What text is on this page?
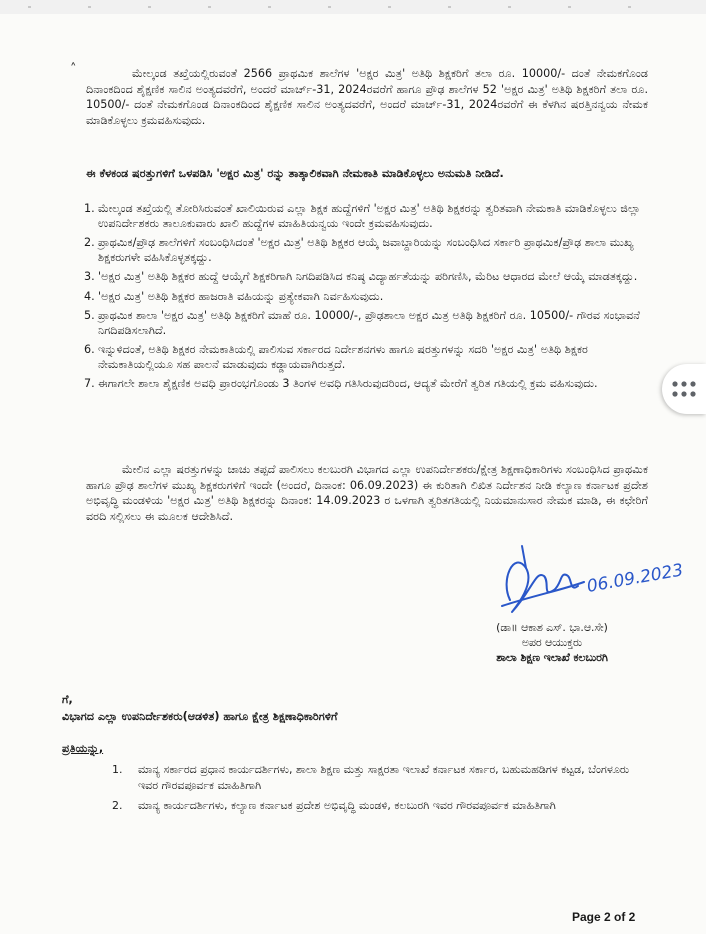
˄	ಮೇಲ್ಕಂಡ ತಖ್ತೆಯಲ್ಲಿರುವಂತೆ 2566 ಪ್ರಾಥಮಿಕ ಶಾಲೆಗಳ 'ಅಕ್ಷರ ಮಿತ್ರ' ಅತಿಥಿ ಶಿಕ್ಷಕರಿಗೆ ತಲಾ ರೂ. 10000/- ದಂತೆ ನೇಮಕಗೊಂಡ ದಿನಾಂಕದಿಂದ ಶೈಕ್ಷಣಿಕ ಸಾಲಿನ ಅಂತ್ಯದವರೆಗೆ, ಅಂದರೆ ಮಾರ್ಚ್-31, 2024ರವರೆಗೆ ಹಾಗೂ ಪ್ರೌಢ ಶಾಲೆಗಳ 52 'ಅಕ್ಷರ ಮಿತ್ರ' ಅತಿಥಿ ಶಿಕ್ಷಕರಿಗೆ ತಲಾ ರೂ. 10500/- ದಂತೆ ನೇಮಕಗೊಂಡ ದಿನಾಂಕದಿಂದ ಶೈಕ್ಷಣಿಕ ಸಾಲಿನ ಅಂತ್ಯದವರೆಗೆ, ಅಂದರೆ ಮಾರ್ಚ್-31, 2024ರವರೆಗೆ ಈ ಕೆಳಗಿನ ಷರತ್ತಿನನ್ವಯ ನೇಮಕ ಮಾಡಿಕೊಳ್ಳಲು ಕ್ರಮವಹಿಸುವುದು.

ಈ ಕೆಳಕಂಡ ಷರತ್ತುಗಳಿಗೆ ಒಳಪಡಿಸಿ 'ಅಕ್ಷರ ಮಿತ್ರ' ರನ್ನು ತಾತ್ಕಾಲಿಕವಾಗಿ ನೇಮಕಾತಿ ಮಾಡಿಕೊಳ್ಳಲು ಅನುಮತಿ ನೀಡಿದೆ.

1. ಮೇಲ್ಕಂಡ ತಖ್ತೆಯಲ್ಲಿ ತೋರಿಸಿರುವಂತೆ ಖಾಲಿಯಿರುವ ಎಲ್ಲಾ ಶಿಕ್ಷಕ ಹುದ್ದೆಗಳಿಗೆ 'ಅಕ್ಷರ ಮಿತ್ರ' ಅತಿಥಿ ಶಿಕ್ಷಕರನ್ನು ತ್ವರಿತವಾಗಿ ನೇಮಕಾತಿ ಮಾಡಿಕೊಳ್ಳಲು ಜಿಲ್ಲಾ ಉಪನಿರ್ದೇಶಕರು ತಾಲೂಕುವಾರು ಖಾಲಿ ಹುದ್ದೆಗಳ ಮಾಹಿತಿಯನ್ವಯ ಇಂದೇ ಕ್ರಮವಹಿಸುವುದು.
2. ಪ್ರಾಥಮಿಕ/ಪ್ರೌಢ ಶಾಲೆಗಳಿಗೆ ಸಂಬಂಧಿಸಿದಂತೆ 'ಅಕ್ಷರ ಮಿತ್ರ' ಅತಿಥಿ ಶಿಕ್ಷಕರ ಆಯ್ಕೆ ಜವಾಬ್ದಾರಿಯನ್ನು ಸಂಬಂಧಿಸಿದ ಸರ್ಕಾರಿ ಪ್ರಾಥಮಿಕ/ಪ್ರೌಢ ಶಾಲಾ ಮುಖ್ಯ ಶಿಕ್ಷಕರುಗಳೇ ವಹಿಸಿಕೊಳ್ಳತಕ್ಕದ್ದು.
3. 'ಅಕ್ಷರ ಮಿತ್ರ' ಅತಿಥಿ ಶಿಕ್ಷಕರ ಹುದ್ದೆ ಆಯ್ಕೆಗೆ ಶಿಕ್ಷಕರಿಗಾಗಿ ನಿಗದಿಪಡಿಸಿದ ಕನಿಷ್ಠ ವಿದ್ಯಾರ್ಹತೆಯನ್ನು ಪರಿಗಣಿಸಿ, ಮೆರಿಟ ಆಧಾರದ ಮೇಲೆ ಆಯ್ಕೆ ಮಾಡತಕ್ಕದ್ದು.
4. 'ಅಕ್ಷರ ಮಿತ್ರ' ಅತಿಥಿ ಶಿಕ್ಷಕರ ಹಾಜರಾತಿ ವಹಿಯನ್ನು ಪ್ರತ್ಯೇಕವಾಗಿ ನಿರ್ವಹಿಸುವುದು.
5. ಪ್ರಾಥಮಿಕ ಶಾಲಾ 'ಅಕ್ಷರ ಮಿತ್ರ' ಅತಿಥಿ ಶಿಕ್ಷಕರಿಗೆ ಮಾಹೆ ರೂ. 10000/-, ಪ್ರೌಢಶಾಲಾ ಅಕ್ಷರ ಮಿತ್ರ ಅತಿಥಿ ಶಿಕ್ಷಕರಿಗೆ ರೂ. 10500/- ಗೌರವ ಸಂಭಾವನೆ ನಿಗದಿಪಡಿಸಲಾಗಿದೆ.
6. ಇನ್ನುಳಿದಂತೆ, ಅತಿಥಿ ಶಿಕ್ಷಕರ ನೇಮಕಾತಿಯಲ್ಲಿ ಪಾಲಿಸುವ ಸರ್ಕಾರದ ನಿರ್ದೇಶನಗಳು ಹಾಗೂ ಷರತ್ತುಗಳನ್ನು ಸದರಿ 'ಅಕ್ಷರ ಮಿತ್ರ' ಅತಿಥಿ ಶಿಕ್ಷಕರ ನೇಮಕಾತಿಯಲ್ಲಿಯೂ ಸಹ ಪಾಲನೆ ಮಾಡುವುದು ಕಡ್ಡಾಯವಾಗಿರುತ್ತದೆ.
7. ಈಗಾಗಲೇ ಶಾಲಾ ಶೈಕ್ಷಣಿಕ ಅವಧಿ ಪ್ರಾರಂಭಗೊಂಡು 3 ತಿಂಗಳ ಅವಧಿ ಗತಿಸಿರುವುದರಿಂದ, ಆದ್ಯತೆ ಮೇರೆಗೆ ತ್ವರಿತ ಗತಿಯಲ್ಲಿ ಕ್ರಮ ವಹಿಸುವುದು.

ಮೇಲಿನ ಎಲ್ಲಾ ಷರತ್ತುಗಳನ್ನು ಚಾಚು ತಪ್ಪದೆ ಪಾಲಿಸಲು ಕಲಬುರಗಿ ವಿಭಾಗದ ಎಲ್ಲಾ ಉಪನಿರ್ದೇಶಕರು/ಕ್ಷೇತ್ರ ಶಿಕ್ಷಣಾಧಿಕಾರಿಗಳು ಸಂಬಂಧಿಸಿದ ಪ್ರಾಥಮಿಕ ಹಾಗೂ ಪ್ರೌಢ ಶಾಲೆಗಳ ಮುಖ್ಯ ಶಿಕ್ಷಕರುಗಳಿಗೆ ಇಂದೇ (ಅಂದರೆ, ದಿನಾಂಕ: 06.09.2023) ಈ ಕುರಿತಾಗಿ ಲಿಖಿತ ನಿರ್ದೇಶನ ನೀಡಿ ಕಲ್ಯಾಣ ಕರ್ನಾಟಕ ಪ್ರದೇಶ ಅಭಿವೃದ್ಧಿ ಮಂಡಳಿಯ 'ಅಕ್ಷರ ಮಿತ್ರ' ಅತಿಥಿ ಶಿಕ್ಷಕರನ್ನು ದಿನಾಂಕ: 14.09.2023 ರ ಒಳಗಾಗಿ ತ್ವರಿತಗತಿಯಲ್ಲಿ ನಿಯಮಾನುಸಾರ ನೇಮಕ ಮಾಡಿ, ಈ ಕಛೇರಿಗೆ ವರದಿ ಸಲ್ಲಿಸಲು ಈ ಮೂಲಕ ಆದೇಶಿಸಿದೆ.

06.09.2023
(ಡಾ॥ ಆಕಾಶ ಎಸ್. ಭಾ.ಆ.ಸೇ)
ಅಪರ ಆಯುಕ್ತರು
ಶಾಲಾ ಶಿಕ್ಷಣ ಇಲಾಖೆ ಕಲಬುರಗಿ
ಗೆ,
ವಿಭಾಗದ ಎಲ್ಲಾ ಉಪನಿರ್ದೇಶಕರು(ಆಡಳಿತ) ಹಾಗೂ ಕ್ಷೇತ್ರ ಶಿಕ್ಷಣಾಧಿಕಾರಿಗಳಿಗೆ
ಪ್ರತಿಯನ್ನು,
1.	ಮಾನ್ಯ ಸರ್ಕಾರದ ಪ್ರಧಾನ ಕಾರ್ಯದರ್ಶಿಗಳು, ಶಾಲಾ ಶಿಕ್ಷಣ ಮತ್ತು ಸಾಕ್ಷರತಾ ಇಲಾಖೆ ಕರ್ನಾಟಕ ಸರ್ಕಾರ, ಬಹುಮಹಡಿಗಳ ಕಟ್ಟಡ, ಬೆಂಗಳೂರು ಇವರ ಗೌರವಪೂರ್ವಕ ಮಾಹಿತಿಗಾಗಿ
2.	ಮಾನ್ಯ ಕಾರ್ಯದರ್ಶಿಗಳು, ಕಲ್ಯಾಣ ಕರ್ನಾಟಕ ಪ್ರದೇಶ ಅಭಿವೃದ್ಧಿ ಮಂಡಳಿ, ಕಲಬುರಗಿ ಇವರ ಗೌರವಪೂರ್ವಕ ಮಾಹಿತಿಗಾಗಿ
Page 2 of 2
